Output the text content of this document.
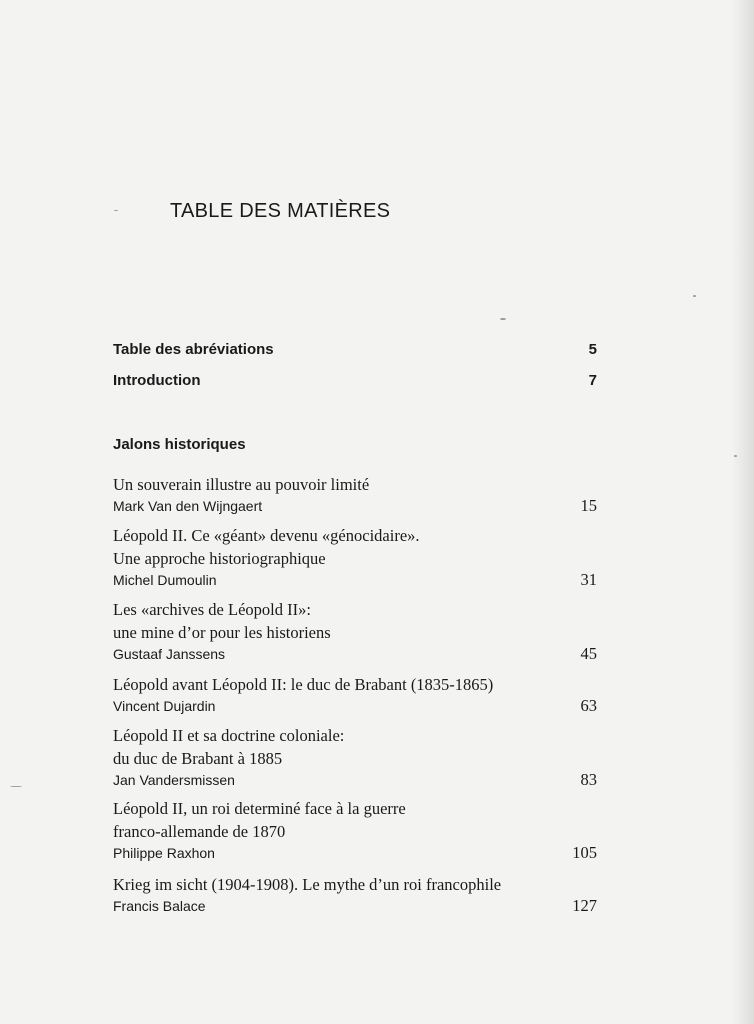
TABLE DES MATIÈRES
Table des abréviations	5
Introduction	7
Jalons historiques
Un souverain illustre au pouvoir limité
Mark Van den Wijngaert	15
Léopold II. Ce «géant» devenu «génocidaire».
Une approche historiographique
Michel Dumoulin	31
Les «archives de Léopold II»:
une mine d’or pour les historiens
Gustaaf Janssens	45
Léopold avant Léopold II: le duc de Brabant (1835-1865)
Vincent Dujardin	63
Léopold II et sa doctrine coloniale:
du duc de Brabant à 1885
Jan Vandersmissen	83
Léopold II, un roi determiné face à la guerre
franco-allemande de 1870
Philippe Raxhon	105
Krieg im sicht (1904-1908). Le mythe d’un roi francophile
Francis Balace	127
